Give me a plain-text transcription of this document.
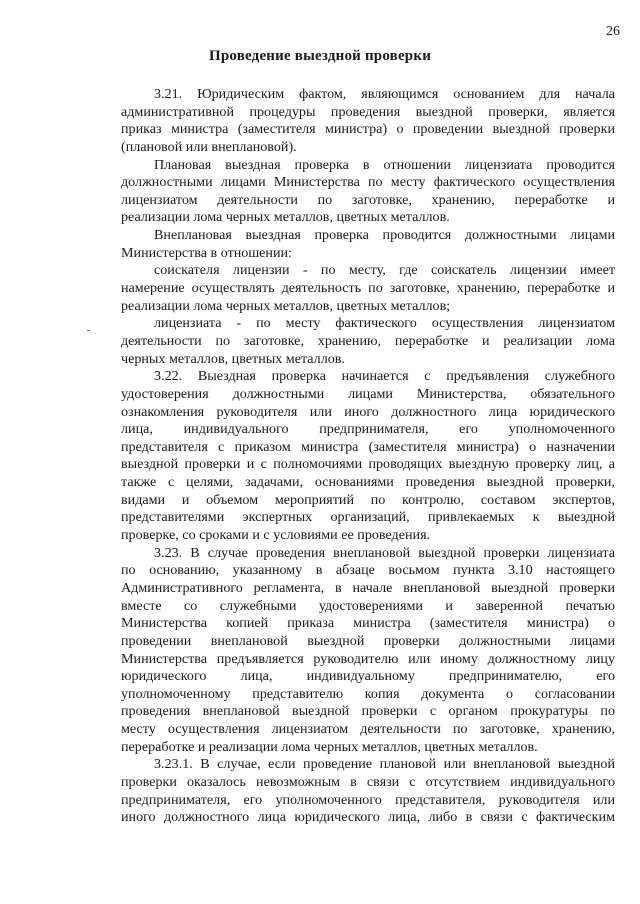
26
Проведение выездной проверки
3.21. Юридическим фактом, являющимся основанием для начала
административной процедуры проведения выездной проверки, является
приказ министра (заместителя министра) о проведении выездной проверки
(плановой или внеплановой).
Плановая выездная проверка в отношении лицензиата проводится
должностными лицами Министерства по месту фактического осуществления
лицензиатом деятельности по заготовке, хранению, переработке и
реализации лома черных металлов, цветных металлов.
Внеплановая выездная проверка проводится должностными лицами
Министерства в отношении:
соискателя лицензии - по месту, где соискатель лицензии имеет
намерение осуществлять деятельность по заготовке, хранению, переработке и
реализации лома черных металлов, цветных металлов;
лицензиата - по месту фактического осуществления лицензиатом
деятельности по заготовке, хранению, переработке и реализации лома
черных металлов, цветных металлов.
3.22. Выездная проверка начинается с предъявления служебного
удостоверения должностными лицами Министерства, обязательного
ознакомления руководителя или иного должностного лица юридического
лица, индивидуального предпринимателя, его уполномоченного
представителя с приказом министра (заместителя министра) о назначении
выездной проверки и с полномочиями проводящих выездную проверку лиц, а
также с целями, задачами, основаниями проведения выездной проверки,
видами и объемом мероприятий по контролю, составом экспертов,
представителями экспертных организаций, привлекаемых к выездной
проверке, со сроками и с условиями ее проведения.
3.23. В случае проведения внеплановой выездной проверки лицензиата
по основанию, указанному в абзаце восьмом пункта 3.10 настоящего
Административного регламента, в начале внеплановой выездной проверки
вместе со служебными удостоверениями и заверенной печатью
Министерства копией приказа министра (заместителя министра) о
проведении внеплановой выездной проверки должностными лицами
Министерства предъявляется руководителю или иному должностному лицу
юридического лица, индивидуальному предпринимателю, его
уполномоченному представителю копия документа о согласовании
проведения внеплановой выездной проверки с органом прокуратуры по
месту осуществления лицензиатом деятельности по заготовке, хранению,
переработке и реализации лома черных металлов, цветных металлов.
3.23.1. В случае, если проведение плановой или внеплановой выездной
проверки оказалось невозможным в связи с отсутствием индивидуального
предпринимателя, его уполномоченного представителя, руководителя или
иного должностного лица юридического лица, либо в связи с фактическим
